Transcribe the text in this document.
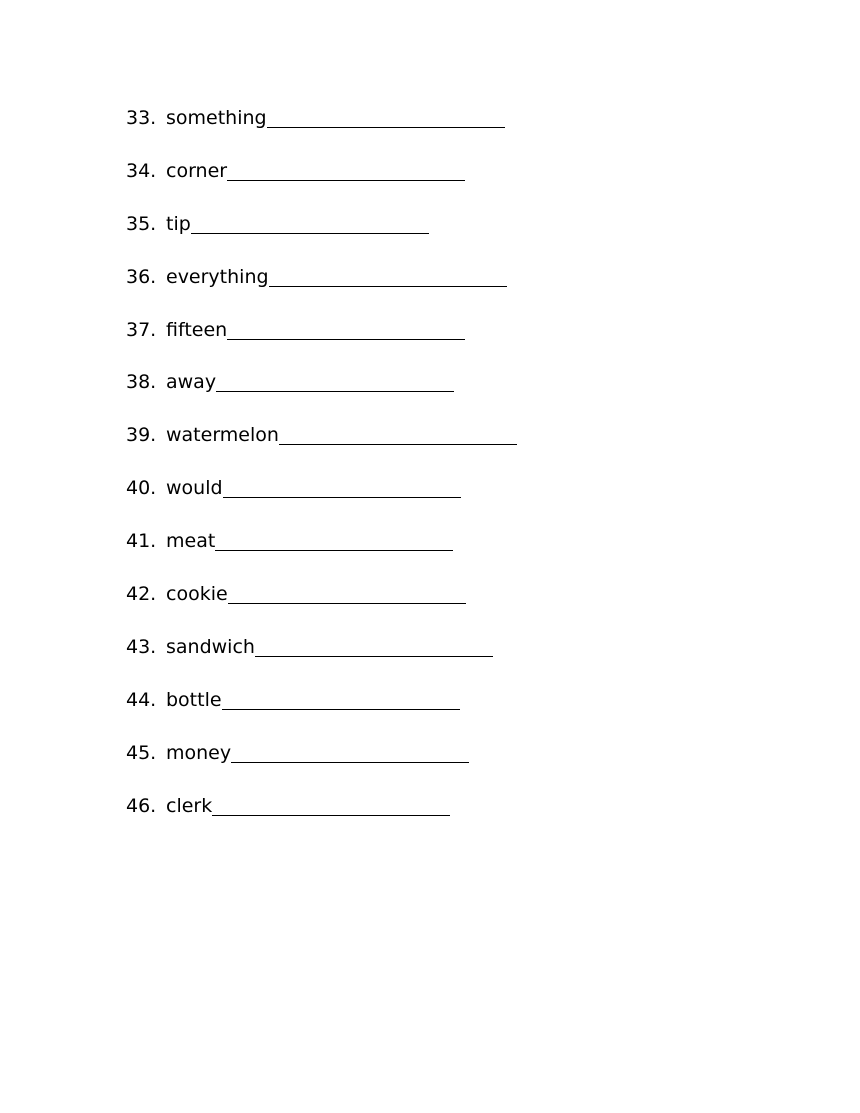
33. something
34. corner
35. tip
36. everything
37. fifteen
38. away
39. watermelon
40. would
41. meat
42. cookie
43. sandwich
44. bottle
45. money
46. clerk
